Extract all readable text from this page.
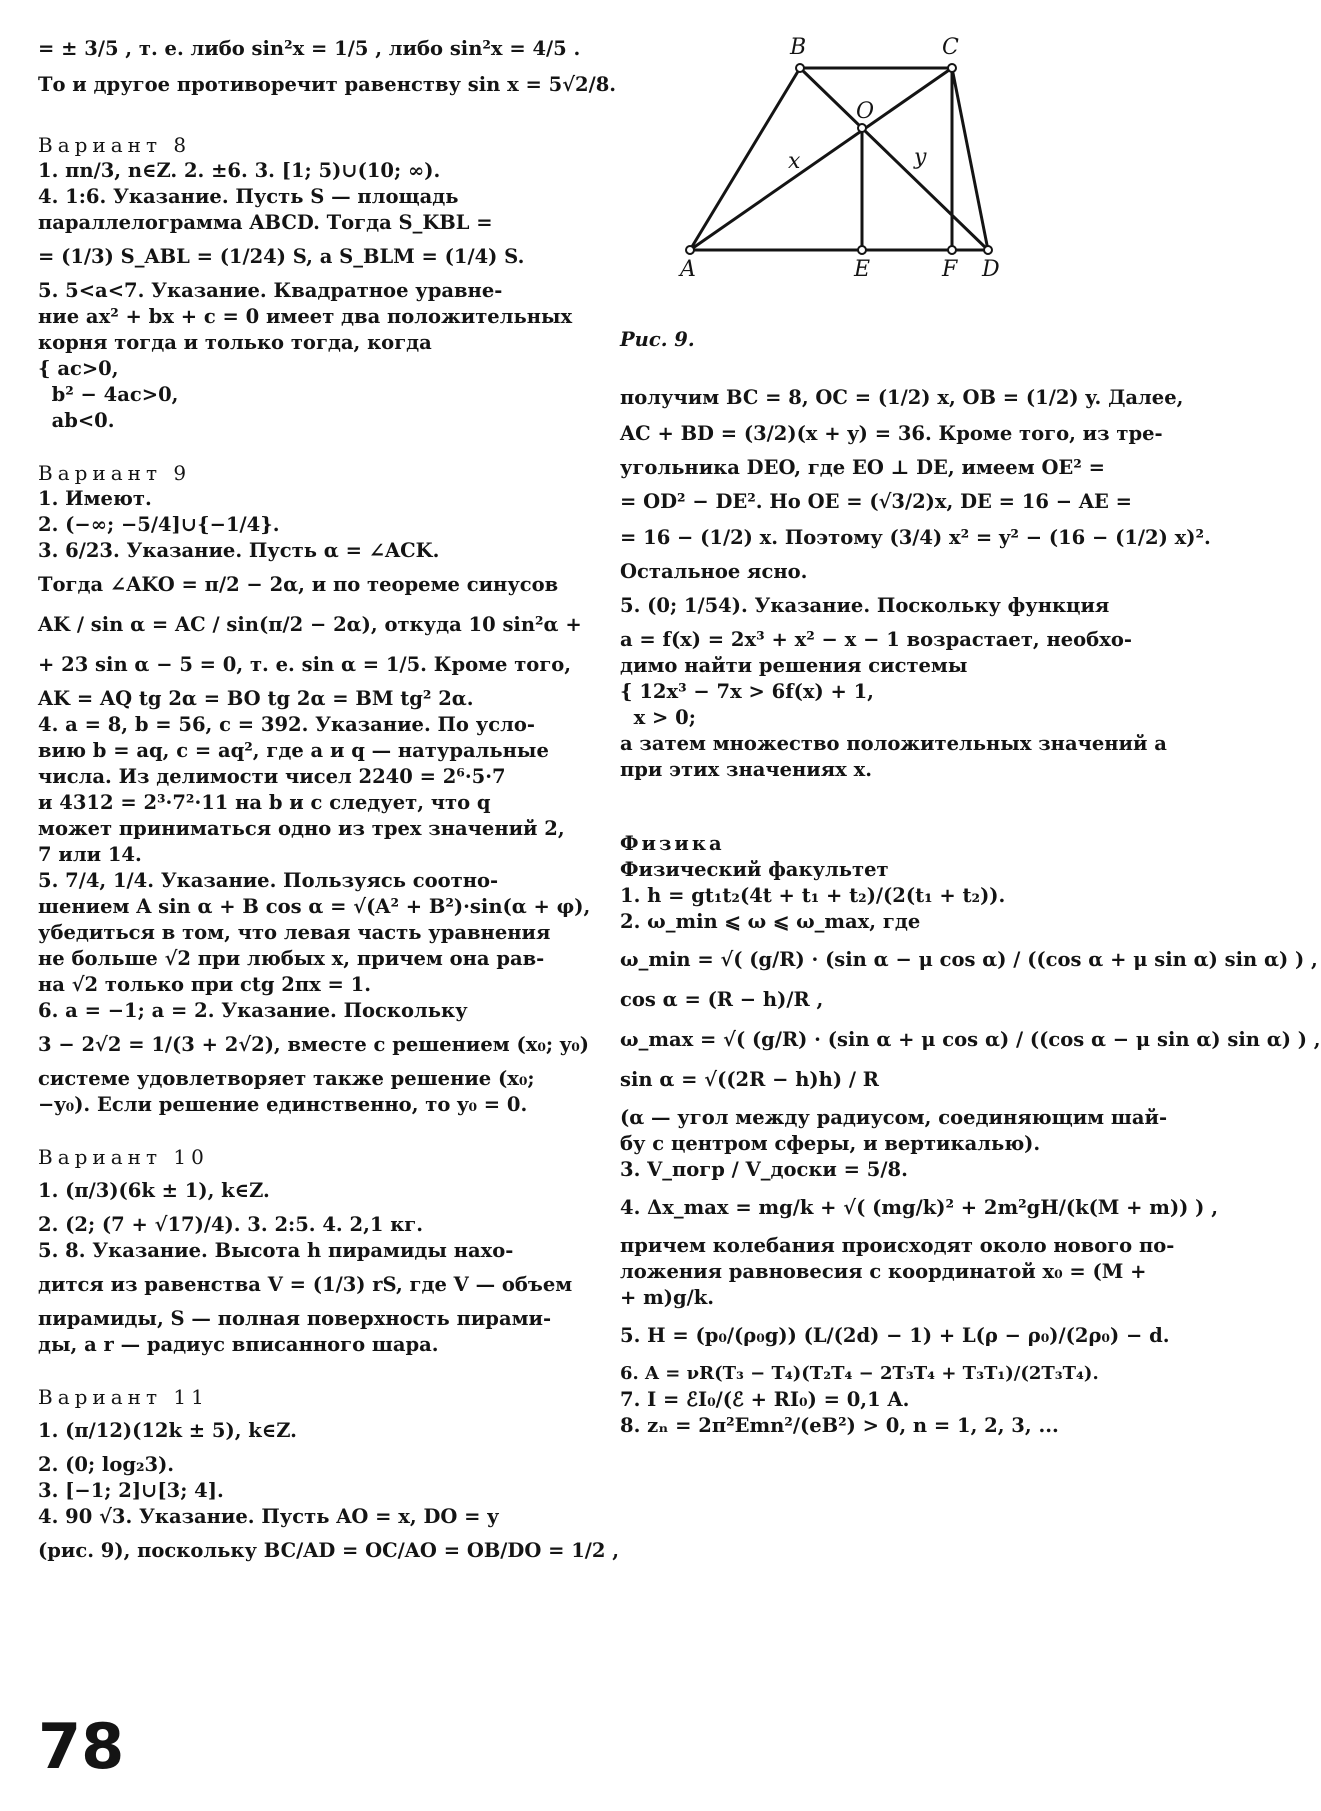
= ± 3/5 , т. е. либо sin²x = 1/5 , либо sin²x = 4/5 .

То и другое противоречит равенству sin x = 5√2/8.

Вариант 8

1. πn/3, n∈Z. 2. ±6. 3. [1; 5)∪(10; ∞).

4. 1:6. Указание. Пусть S — площадь

параллелограмма ABCD. Тогда S_KBL =

= (1/3) S_ABL = (1/24) S, а S_BLM = (1/4) S.

5. 5<a<7. Указание. Квадратное уравне-

ние ax² + bx + c = 0 имеет два положительных

корня тогда и только тогда, когда

{ ac>0,

b² − 4ac>0,

ab<0.

Вариант 9

1. Имеют.

2. (−∞; −5/4]∪{−1/4}.

3. 6/23. Указание. Пусть α = ∠ACK.

Тогда ∠AKO = π/2 − 2α, и по теореме синусов

AK / sin α = AC / sin(π/2 − 2α), откуда 10 sin²α +

+ 23 sin α − 5 = 0, т. е. sin α = 1/5. Кроме того,

AK = AQ tg 2α = BO tg 2α = BM tg² 2α.

4. a = 8, b = 56, c = 392. Указание. По усло-

вию b = aq, c = aq², где a и q — натуральные

числа. Из делимости чисел 2240 = 2⁶·5·7

и 4312 = 2³·7²·11 на b и c следует, что q

может приниматься одно из трех значений 2,

7 или 14.

5. 7/4, 1/4. Указание. Пользуясь соотно-

шением A sin α + B cos α = √(A² + B²)·sin(α + φ),

убедиться в том, что левая часть уравнения

не больше √2 при любых x, причем она рав-

на √2 только при ctg 2πx = 1.

6. a = −1; a = 2. Указание. Поскольку

3 − 2√2 = 1/(3 + 2√2), вместе с решением (x₀; y₀)

системе удовлетворяет также решение (x₀;

−y₀). Если решение единственно, то y₀ = 0.

Вариант 10

1. (π/3)(6k ± 1), k∈Z.

2. (2; (7 + √17)/4). 3. 2:5. 4. 2,1 кг.

5. 8. Указание. Высота h пирамиды нахо-

дится из равенства V = (1/3) rS, где V — объем

пирамиды, S — полная поверхность пирами-

ды, а r — радиус вписанного шара.

Вариант 11

1. (π/12)(12k ± 5), k∈Z.

2. (0; log₂3).

3. [−1; 2]∪[3; 4].

4. 90 √3. Указание. Пусть AO = x, DO = y

(рис. 9), поскольку BC/AD = OC/AO = OB/DO = 1/2 ,

B	C
O
x	y
A	E	F D

Рис. 9.

получим BC = 8, OC = (1/2) x, OB = (1/2) y. Далее,

AC + BD = (3/2)(x + y) = 36. Кроме того, из тре-

угольника DEO, где EO ⊥ DE, имеем OE² =

= OD² − DE². Но OE = (√3/2)x, DE = 16 − AE =

= 16 − (1/2) x. Поэтому (3/4) x² = y² − (16 − (1/2) x)².

Остальное ясно.

5. (0; 1/54). Указание. Поскольку функция

a = f(x) = 2x³ + x² − x − 1 возрастает, необхо-

димо найти решения системы

{ 12x³ − 7x > 6f(x) + 1,

x > 0;

а затем множество положительных значений a

при этих значениях x.

Физика

Физический факультет

1. h = gt₁t₂(4t + t₁ + t₂)/(2(t₁ + t₂)).

2. ω_min ⩽ ω ⩽ ω_max, где

ω_min = √( (g/R) · (sin α − μ cos α) / ((cos α + μ sin α) sin α) ) ,

cos α = (R − h)/R ,

ω_max = √( (g/R) · (sin α + μ cos α) / ((cos α − μ sin α) sin α) ) ,

sin α = √((2R − h)h) / R

(α — угол между радиусом, соединяющим шай-

бу с центром сферы, и вертикалью).

3. V_погр / V_доски = 5/8.

4. Δx_max = mg/k + √( (mg/k)² + 2m²gH/(k(M + m)) ) ,

причем колебания происходят около нового по-

ложения равновесия с координатой x₀ = (M +

+ m)g/k.

5. H = (p₀/(ρ₀g)) (L/(2d) − 1) + L(ρ − ρ₀)/(2ρ₀) − d.

6. A = νR(T₃ − T₄)(T₂T₄ − 2T₃T₄ + T₃T₁)/(2T₃T₄).

7. I = ℰI₀/(ℰ + RI₀) = 0,1 A.

8. zₙ = 2π²Emn²/(eB²) > 0, n = 1, 2, 3, ...

78
